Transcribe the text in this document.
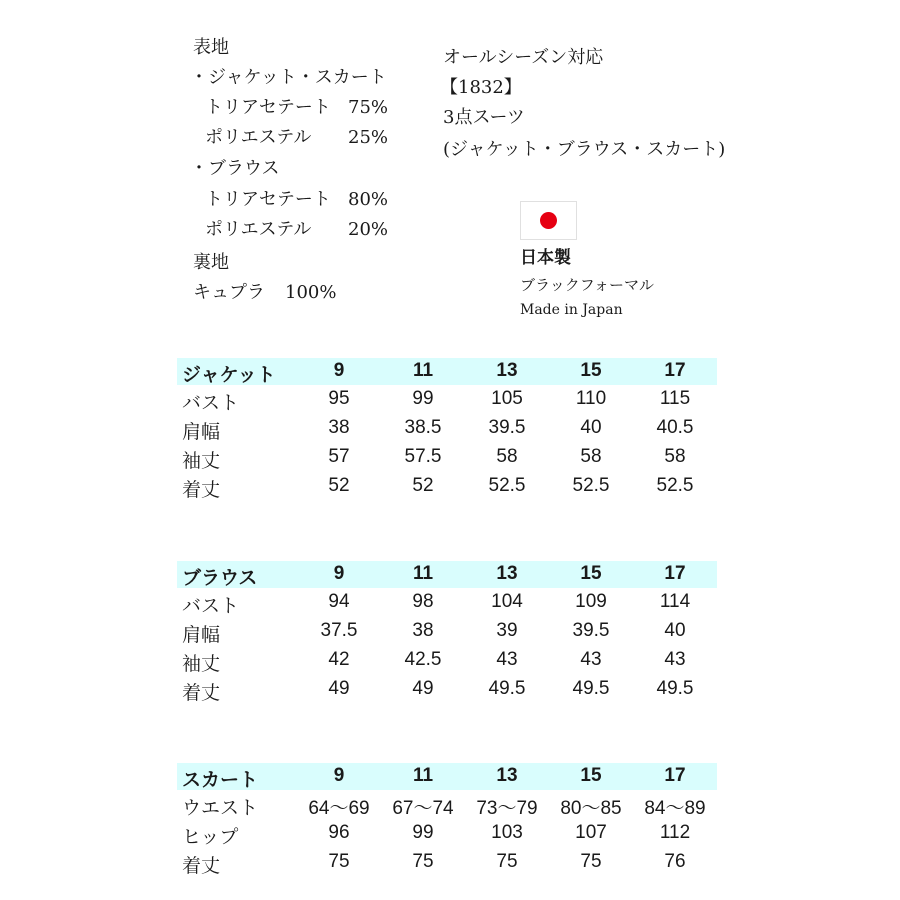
表地
・ジャケット・スカート
トリアセテート 75%
ポリエステル 25%
・ブラウス
トリアセテート 80%
ポリエステル 20%
裏地
キュプラ 100%
オールシーズン対応
【1832】
3点スーツ
(ジャケット・ブラウス・スカート)
日本製
ブラックフォーマル
Made in Japan
ジャケット	9	11	13	15	17
バスト	95	99	105	110	115
肩幅	38	38.5	39.5	40	40.5
袖丈	57	57.5	58	58	58
着丈	52	52	52.5	52.5	52.5
ブラウス	9	11	13	15	17
バスト	94	98	104	109	114
肩幅	37.5	38	39	39.5	40
袖丈	42	42.5	43	43	43
着丈	49	49	49.5	49.5	49.5
スカート	9	11	13	15	17
ウエスト	64～69	67～74	73～79	80～85	84～89
ヒップ	96	99	103	107	112
着丈	75	75	75	75	76
